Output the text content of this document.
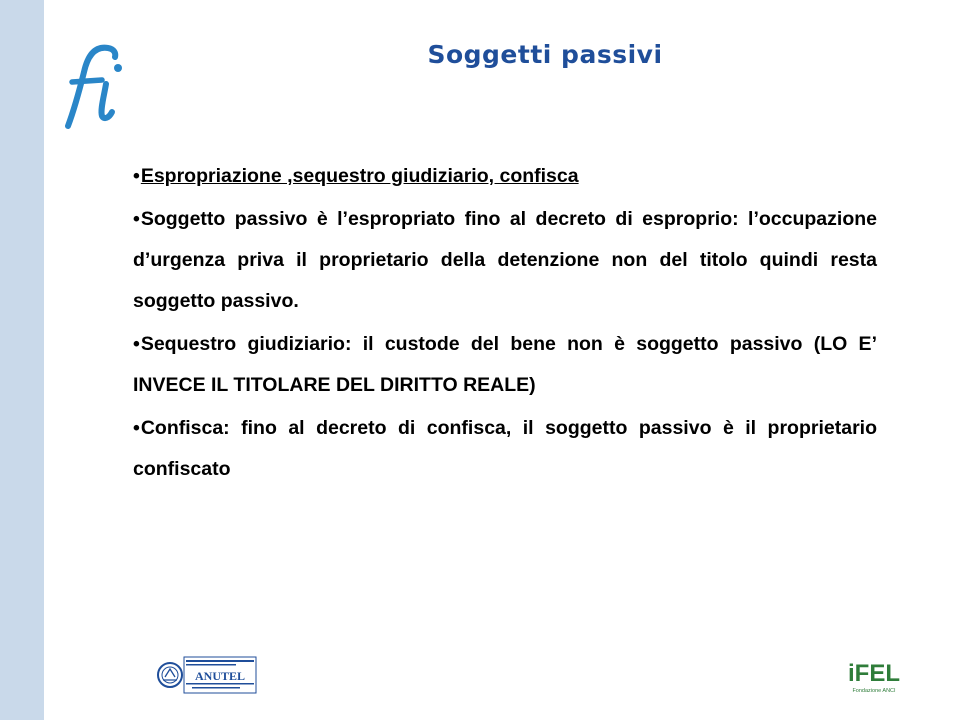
Soggetti passivi

•Espropriazione ,sequestro giudiziario, confisca

•Soggetto passivo è l’espropriato fino al decreto di esproprio: l’occupazione d’urgenza priva il proprietario della detenzione non del titolo quindi resta soggetto passivo.

•Sequestro giudiziario: il custode del bene non è soggetto passivo (LO E’ INVECE IL TITOLARE DEL DIRITTO REALE)

•Confisca: fino al decreto di confisca, il soggetto passivo è il proprietario confiscato

ANUTEL	iFEL
Fondazione ANCI
